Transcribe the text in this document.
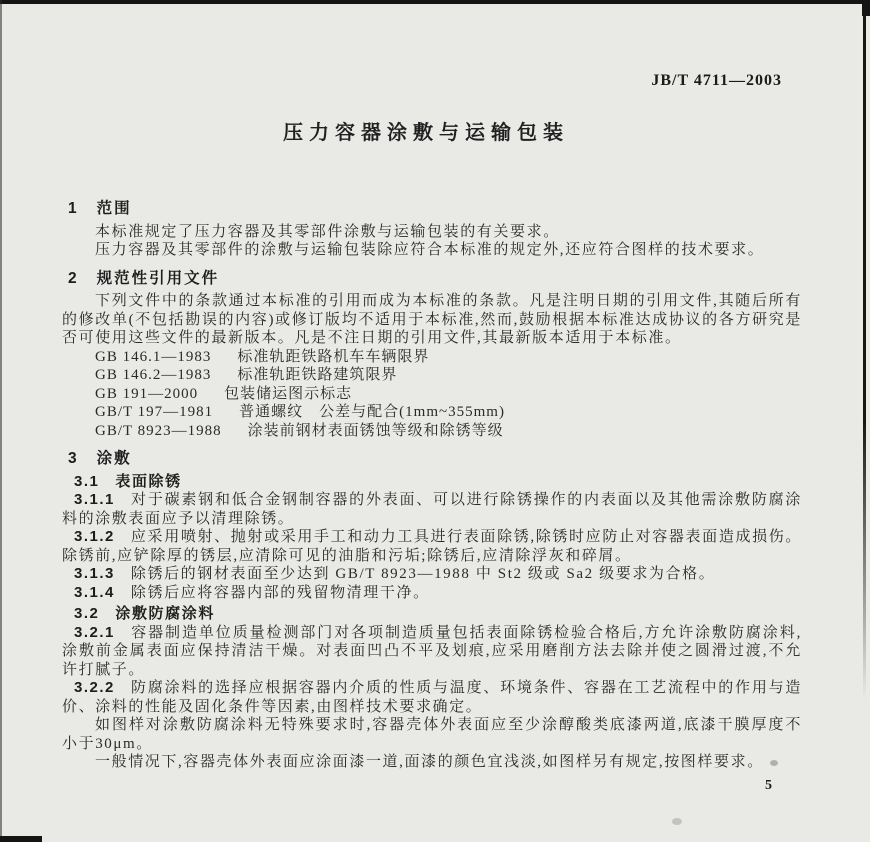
JB/T 4711—2003
压力容器涂敷与运输包装
1 范围

本标准规定了压力容器及其零部件涂敷与运输包装的有关要求。

压力容器及其零部件的涂敷与运输包装除应符合本标准的规定外,还应符合图样的技术要求。

2 规范性引用文件

下列文件中的条款通过本标准的引用而成为本标准的条款。凡是注明日期的引用文件,其随后所有的修改单(不包括勘误的内容)或修订版均不适用于本标准,然而,鼓励根据本标准达成协议的各方研究是否可使用这些文件的最新版本。凡是不注日期的引用文件,其最新版本适用于本标准。

GB 146.1—1983 标准轨距铁路机车车辆限界
GB 146.2—1983 标准轨距铁路建筑限界
GB 191—2000 包装储运图示标志
GB/T 197—1981 普通螺纹　公差与配合(1mm~355mm)
GB/T 8923—1988 涂装前钢材表面锈蚀等级和除锈等级
3 涂敷

3.1 表面除锈

3.1.1 对于碳素钢和低合金钢制容器的外表面、可以进行除锈操作的内表面以及其他需涂敷防腐涂料的涂敷表面应予以清理除锈。

3.1.2 应采用喷射、抛射或采用手工和动力工具进行表面除锈,除锈时应防止对容器表面造成损伤。除锈前,应铲除厚的锈层,应清除可见的油脂和污垢;除锈后,应清除浮灰和碎屑。

3.1.3 除锈后的钢材表面至少达到 GB/T 8923—1988 中 St2 级或 Sa2 级要求为合格。

3.1.4 除锈后应将容器内部的残留物清理干净。

3.2 涂敷防腐涂料

3.2.1 容器制造单位质量检测部门对各项制造质量包括表面除锈检验合格后,方允许涂敷防腐涂料,涂敷前金属表面应保持清洁干燥。对表面凹凸不平及划痕,应采用磨削方法去除并使之圆滑过渡,不允许打腻子。

3.2.2 防腐涂料的选择应根据容器内介质的性质与温度、环境条件、容器在工艺流程中的作用与造价、涂料的性能及固化条件等因素,由图样技术要求确定。

如图样对涂敷防腐涂料无特殊要求时,容器壳体外表面应至少涂醇酸类底漆两道,底漆干膜厚度不小于30μm。

一般情况下,容器壳体外表面应涂面漆一道,面漆的颜色宜浅淡,如图样另有规定,按图样要求。

5
